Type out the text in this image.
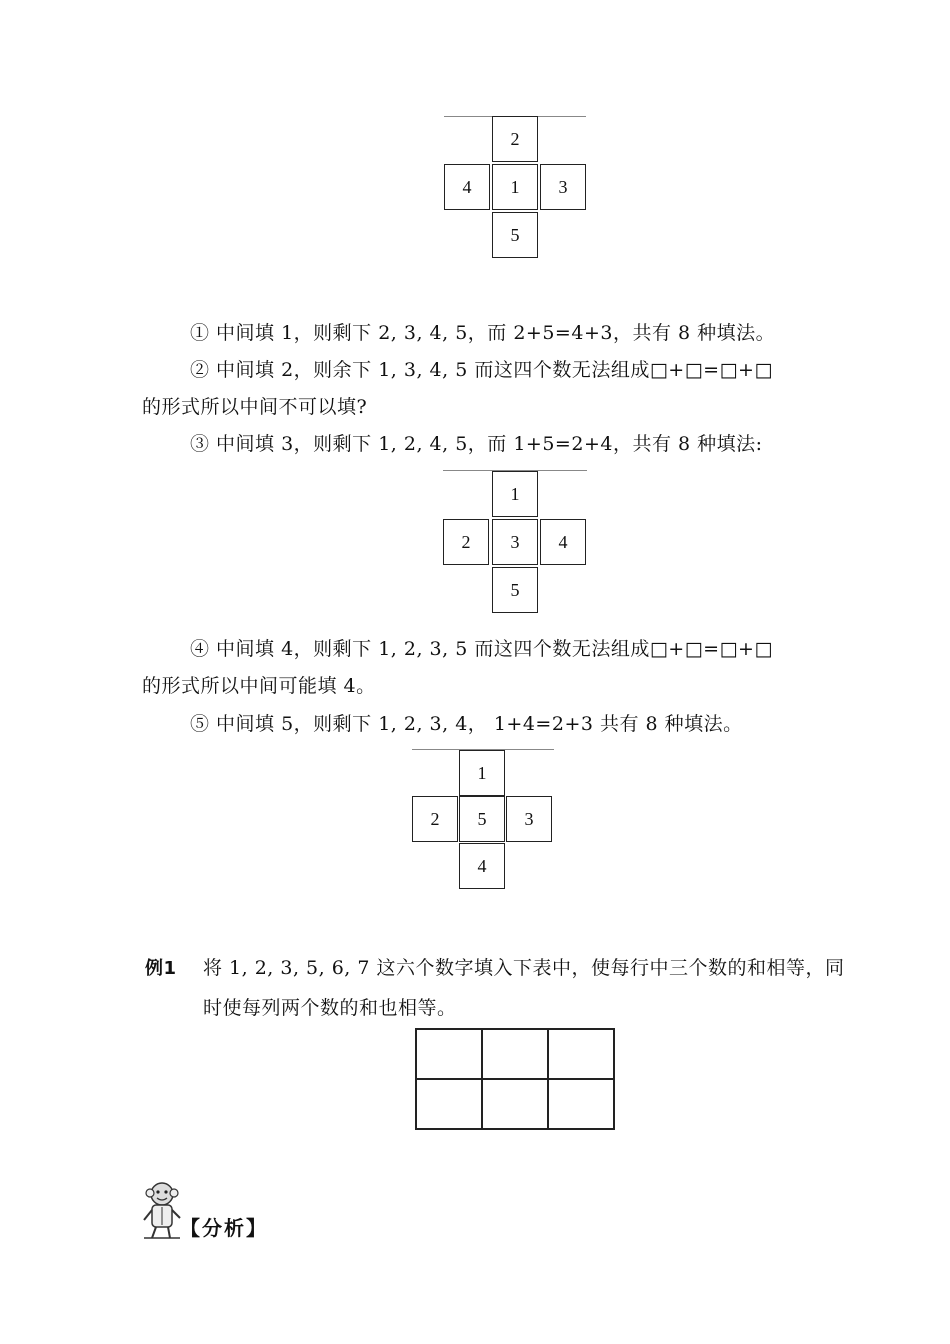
2
4	1	3
5
① 中间填 1，则剩下 2, 3, 4, 5，而 2+5=4+3，共有 8 种填法。
② 中间填 2，则余下 1, 3, 4, 5 而这四个数无法组成□+□=□+□
的形式所以中间不可以填?
③ 中间填 3，则剩下 1, 2, 4, 5，而 1+5=2+4，共有 8 种填法:
1
2	3	4
5
④ 中间填 4，则剩下 1, 2, 3, 5 而这四个数无法组成□+□=□+□
的形式所以中间可能填 4。
⑤ 中间填 5，则剩下 1, 2, 3, 4， 1+4=2+3 共有 8 种填法。
1
2	5	3
4
例1 将 1, 2, 3, 5, 6, 7 这六个数字填入下表中，使每行中三个数的和相等，同
时使每列两个数的和也相等。
【分析】
